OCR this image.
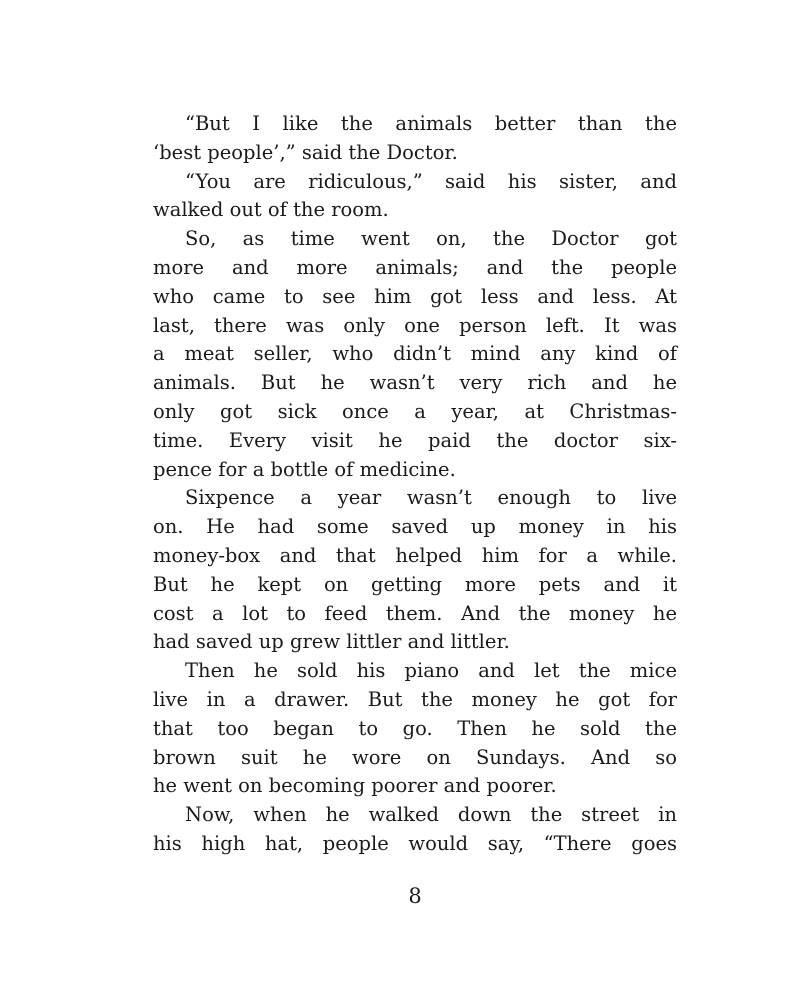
“But I like the animals better than the
‘best people’,” said the Doctor.
“You are ridiculous,” said his sister, and
walked out of the room.
So, as time went on, the Doctor got
more and more animals; and the people
who came to see him got less and less. At
last, there was only one person left. It was
a meat seller, who didn’t mind any kind of
animals. But he wasn’t very rich and he
only got sick once a year, at Christmas-
time. Every visit he paid the doctor six-
pence for a bottle of medicine.
Sixpence a year wasn’t enough to live
on. He had some saved up money in his
money-box and that helped him for a while.
But he kept on getting more pets and it
cost a lot to feed them. And the money he
had saved up grew littler and littler.
Then he sold his piano and let the mice
live in a drawer. But the money he got for
that too began to go. Then he sold the
brown suit he wore on Sundays. And so
he went on becoming poorer and poorer.
Now, when he walked down the street in
his high hat, people would say, “There goes
8
